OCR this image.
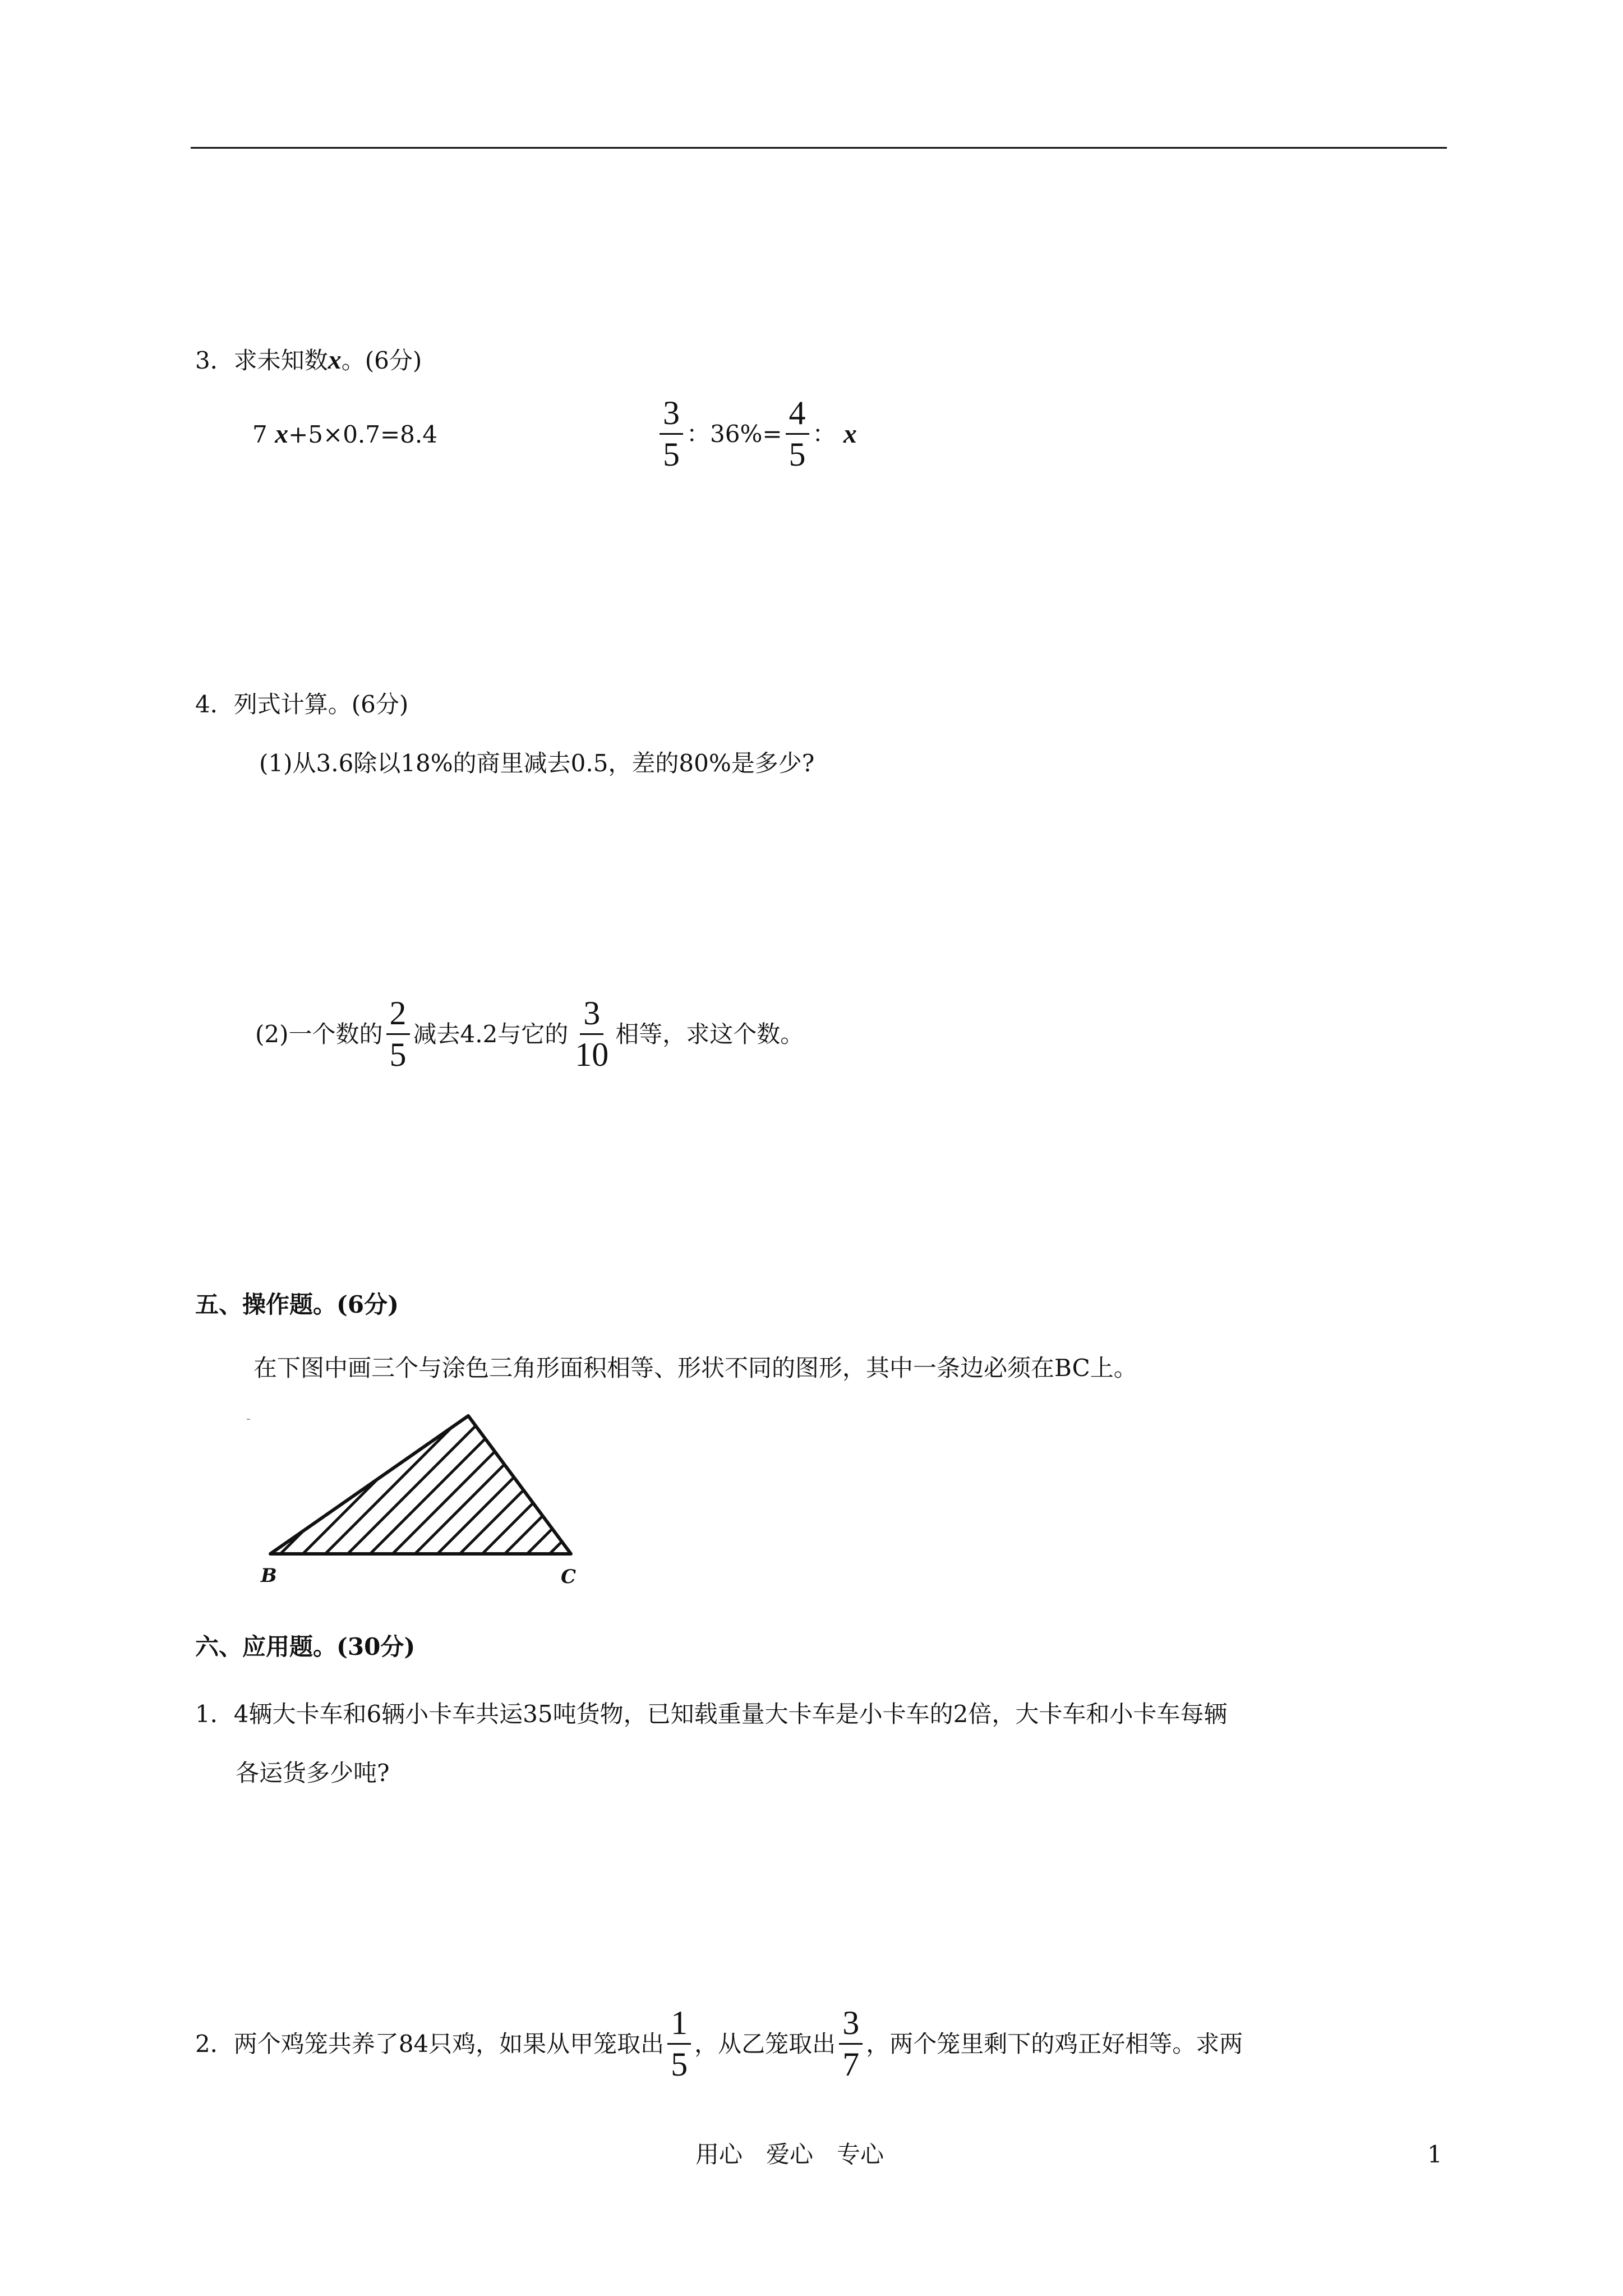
3．求未知数x。(6分)
7 x+5×0.7=8.4	$\frac{3}{5}$ ：$36\%= \frac{4}{5}$ ：
x
4．列式计算。(6分)
(1)从3.6除以18%的商里减去0.5，差的80%是多少?
(2)一个数的 $\frac{2}{5}$ 减去4.2与它的 $\frac{3}{10}$ 相等，求这个数。
五、操作题。(6分)
在下图中画三个与涂色三角形面积相等、形状不同的图形，其中一条边必须在BC上。
B	C
六、应用题。(30分)
1．4辆大卡车和6辆小卡车共运35吨货物，已知载重量大卡车是小卡车的2倍，大卡车和小卡车每辆
各运货多少吨?
2．两个鸡笼共养了84只鸡，如果从甲笼取出 $\frac{1}{5}$ ，从乙笼取出 $\frac{3}{7}$ ，两个笼里剩下的鸡正好相等。求两
用心　爱心　专心	1
